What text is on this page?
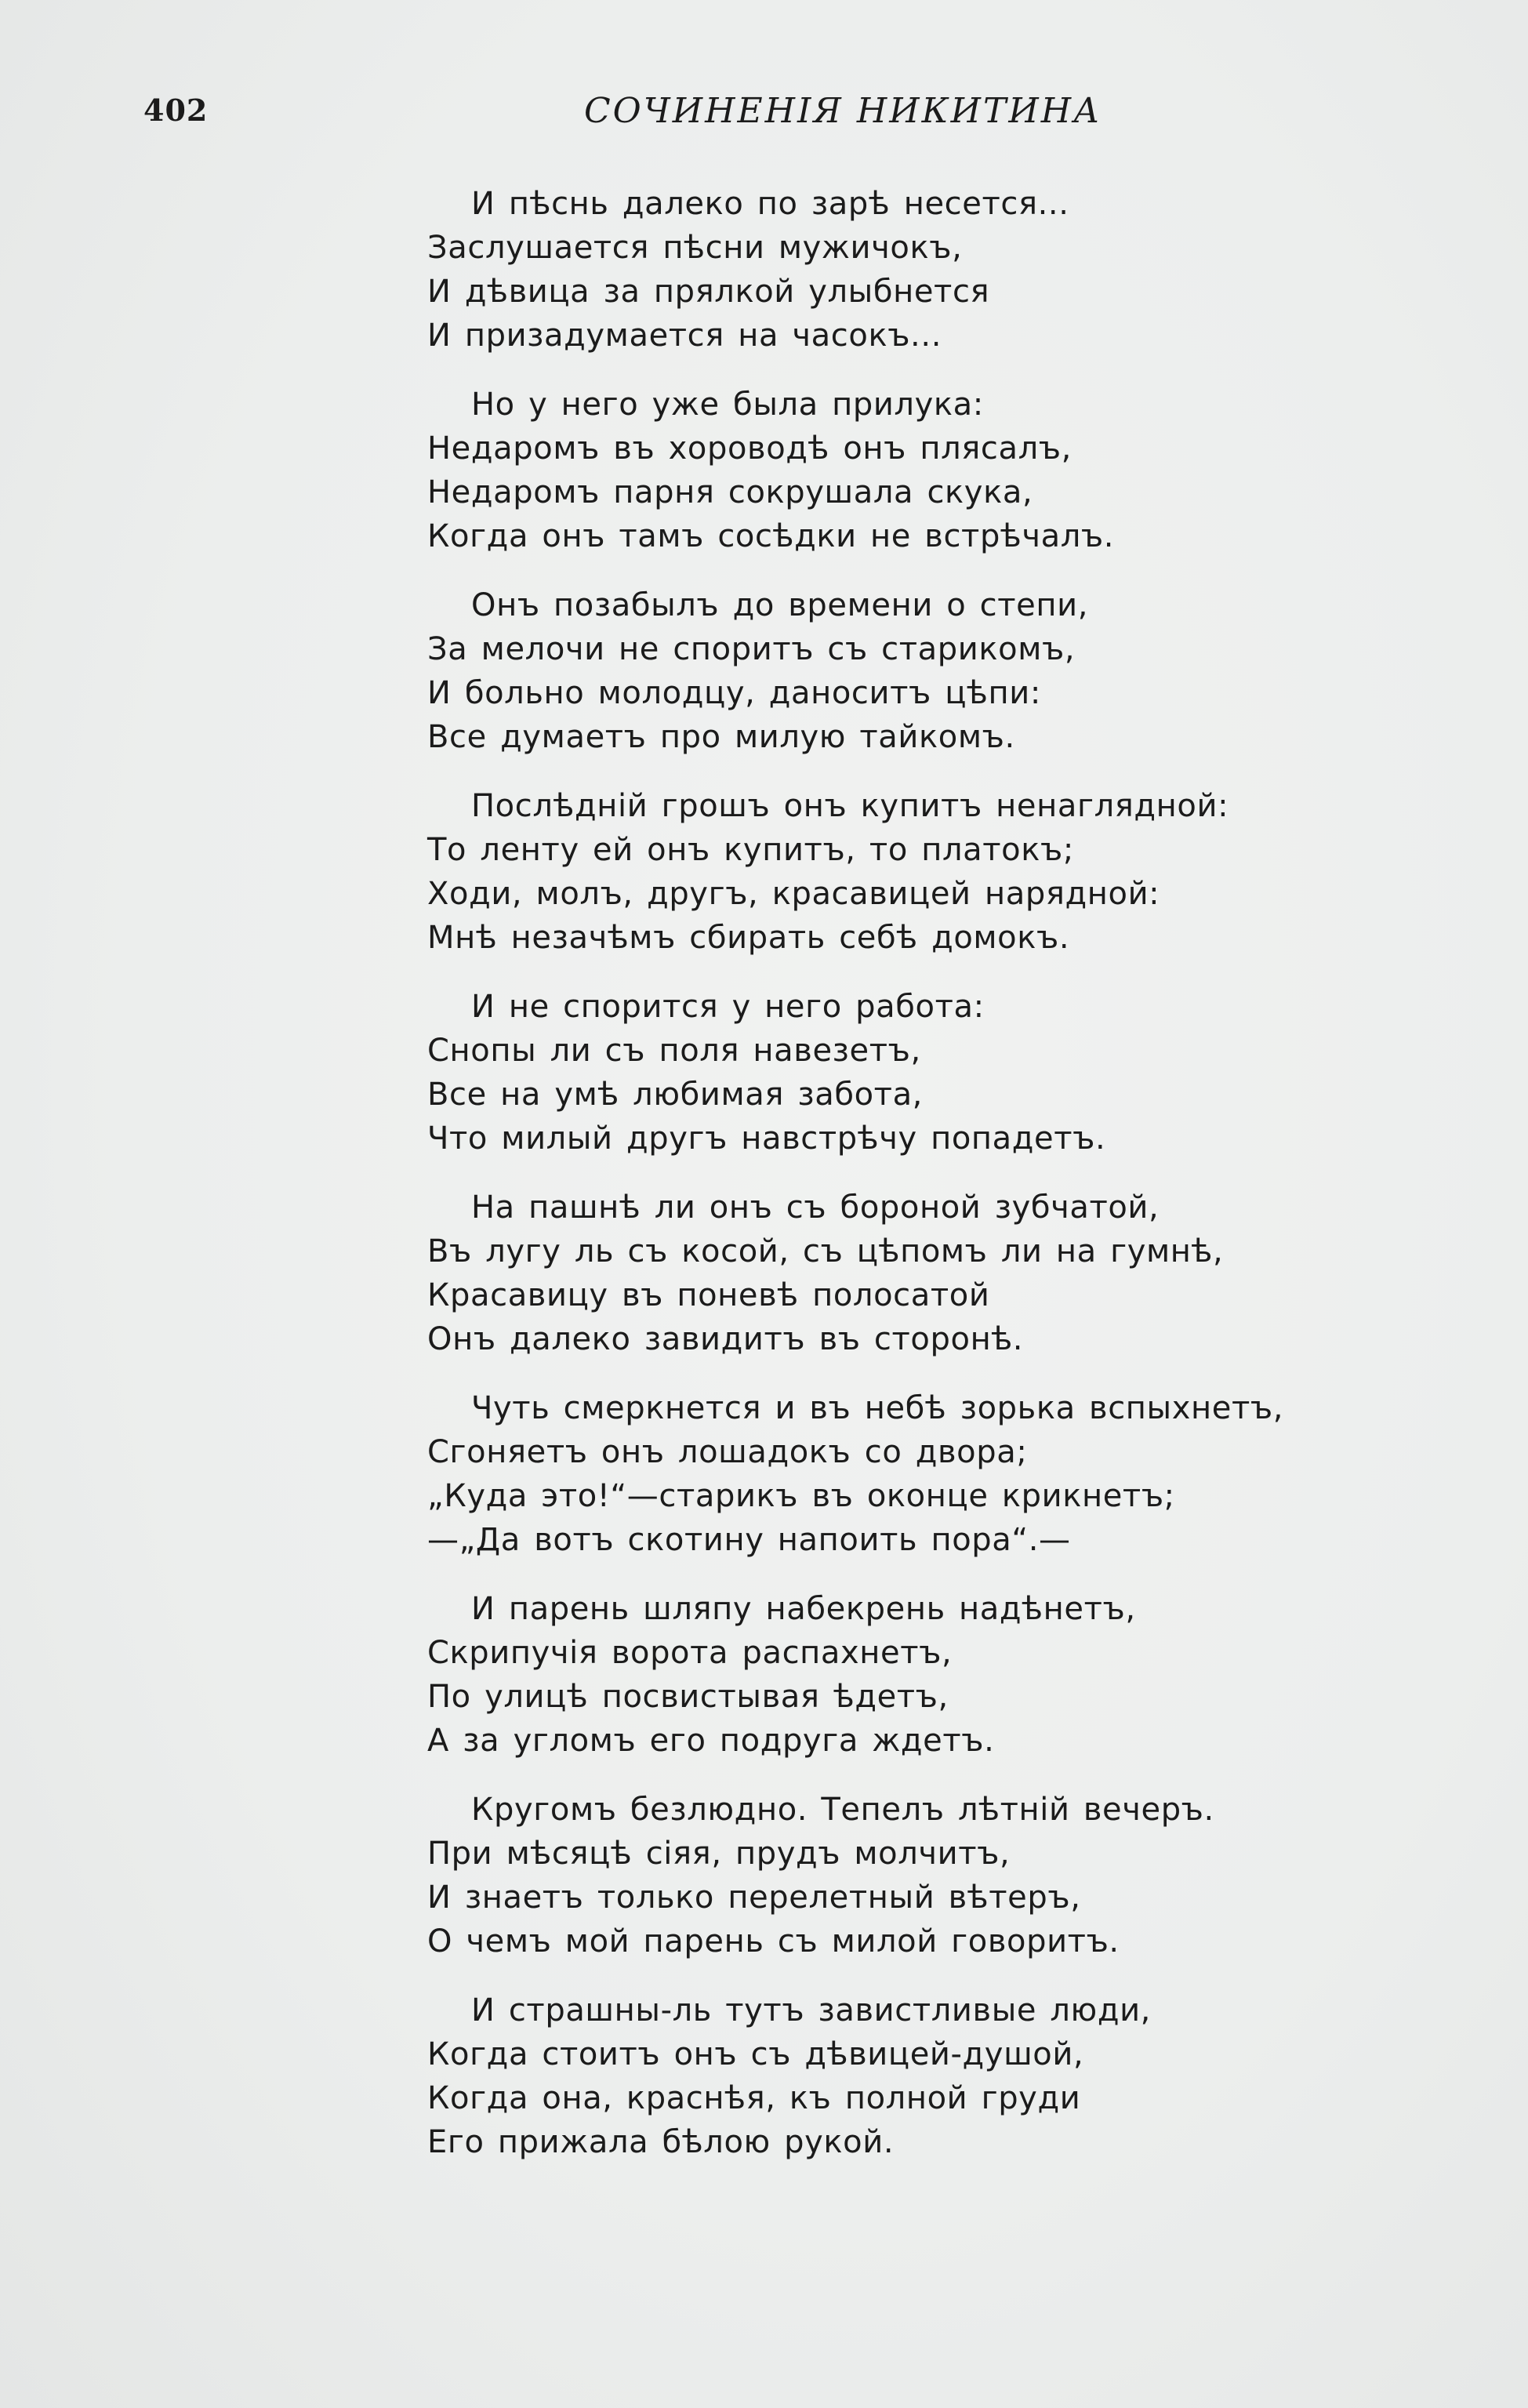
402	СОЧИНЕНІЯ НИКИТИНА
И пѣснь далеко по зарѣ несется...
Заслушается пѣсни мужичокъ,
И дѣвица за прялкой улыбнется
И призадумается на часокъ...
Но у него уже была прилука:
Недаромъ въ хороводѣ онъ плясалъ,
Недаромъ парня сокрушала скука,
Когда онъ тамъ сосѣдки не встрѣчалъ.
Онъ позабылъ до времени о степи,
За мелочи не споритъ съ старикомъ,
И больно молодцу, даноситъ цѣпи:
Все думаетъ про милую тайкомъ.
Послѣдній грошъ онъ купитъ ненаглядной:
То ленту ей онъ купитъ, то платокъ;
Ходи, молъ, другъ, красавицей нарядной:
Мнѣ незачѣмъ сбирать себѣ домокъ.
И не спорится у него работа:
Снопы ли съ поля навезетъ,
Все на умѣ любимая забота,
Что милый другъ навстрѣчу попадетъ.
На пашнѣ ли онъ съ бороной зубчатой,
Въ лугу ль съ косой, съ цѣпомъ ли на гумнѣ,
Красавицу въ поневѣ полосатой
Онъ далеко завидитъ въ сторонѣ.
Чуть смеркнется и въ небѣ зорька вспыхнетъ,
Сгоняетъ онъ лошадокъ со двора;
„Куда это!“—старикъ въ оконце крикнетъ;
—„Да вотъ скотину напоить пора“.—
И парень шляпу набекрень надѣнетъ,
Скрипучія ворота распахнетъ,
По улицѣ посвистывая ѣдетъ,
А за угломъ его подруга ждетъ.
Кругомъ безлюдно. Тепелъ лѣтній вечеръ.
При мѣсяцѣ сіяя, прудъ молчитъ,
И знаетъ только перелетный вѣтеръ,
О чемъ мой парень съ милой говоритъ.
И страшны-ль тутъ завистливые люди,
Когда стоитъ онъ съ дѣвицей-душой,
Когда она, краснѣя, къ полной груди
Его прижала бѣлою рукой.
